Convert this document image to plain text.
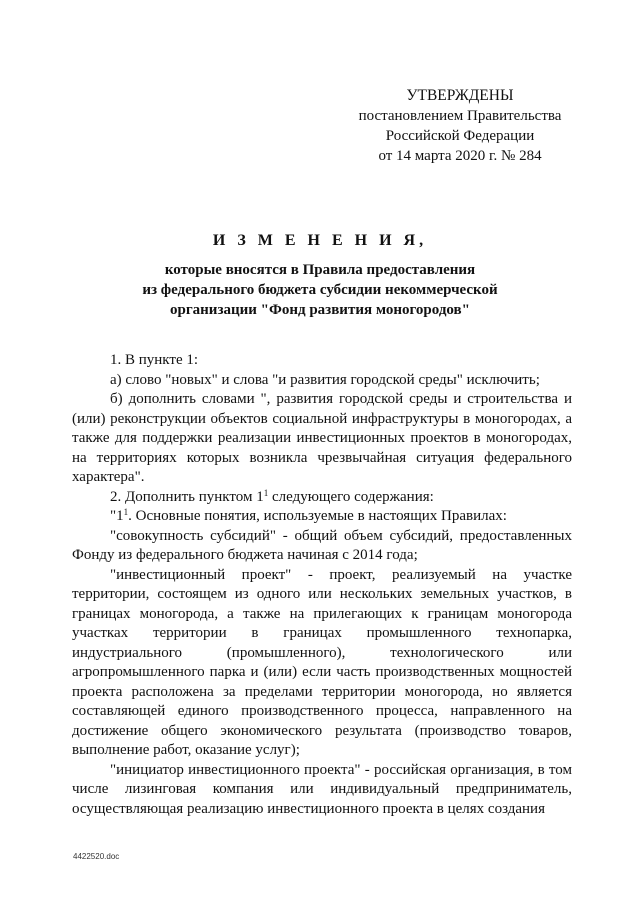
УТВЕРЖДЕНЫ
постановлением Правительства
Российской Федерации
от 14 марта 2020 г. № 284
И З М Е Н Е Н И Я,
которые вносятся в Правила предоставления
из федерального бюджета субсидии некоммерческой
организации "Фонд развития моногородов"

1. В пункте 1:

а) слово "новых" и слова "и развития городской среды" исключить;

б) дополнить словами ", развития городской среды и строительства и (или) реконструкции объектов социальной инфраструктуры в моногородах, а также для поддержки реализации инвестиционных проектов в моногородах, на территориях которых возникла чрезвычайная ситуация федерального характера".

2. Дополнить пунктом $1^1$ следующего содержания:

"$1^1$. Основные понятия, используемые в настоящих Правилах:

"совокупность субсидий" - общий объем субсидий, предоставленных Фонду из федерального бюджета начиная с 2014 года;

"инвестиционный проект" - проект, реализуемый на участке территории, состоящем из одного или нескольких земельных участков, в границах моногорода, а также на прилегающих к границам моногорода участках территории в границах промышленного технопарка, индустриального (промышленного), технологического или агропромышленного парка и (или) если часть производственных мощностей проекта расположена за пределами территории моногорода, но является составляющей единого производственного процесса, направленного на достижение общего экономического результата (производство товаров, выполнение работ, оказание услуг);

"инициатор инвестиционного проекта" - российская организация, в том числе лизинговая компания или индивидуальный предприниматель, осуществляющая реализацию инвестиционного проекта в целях создания

4422520.doc
